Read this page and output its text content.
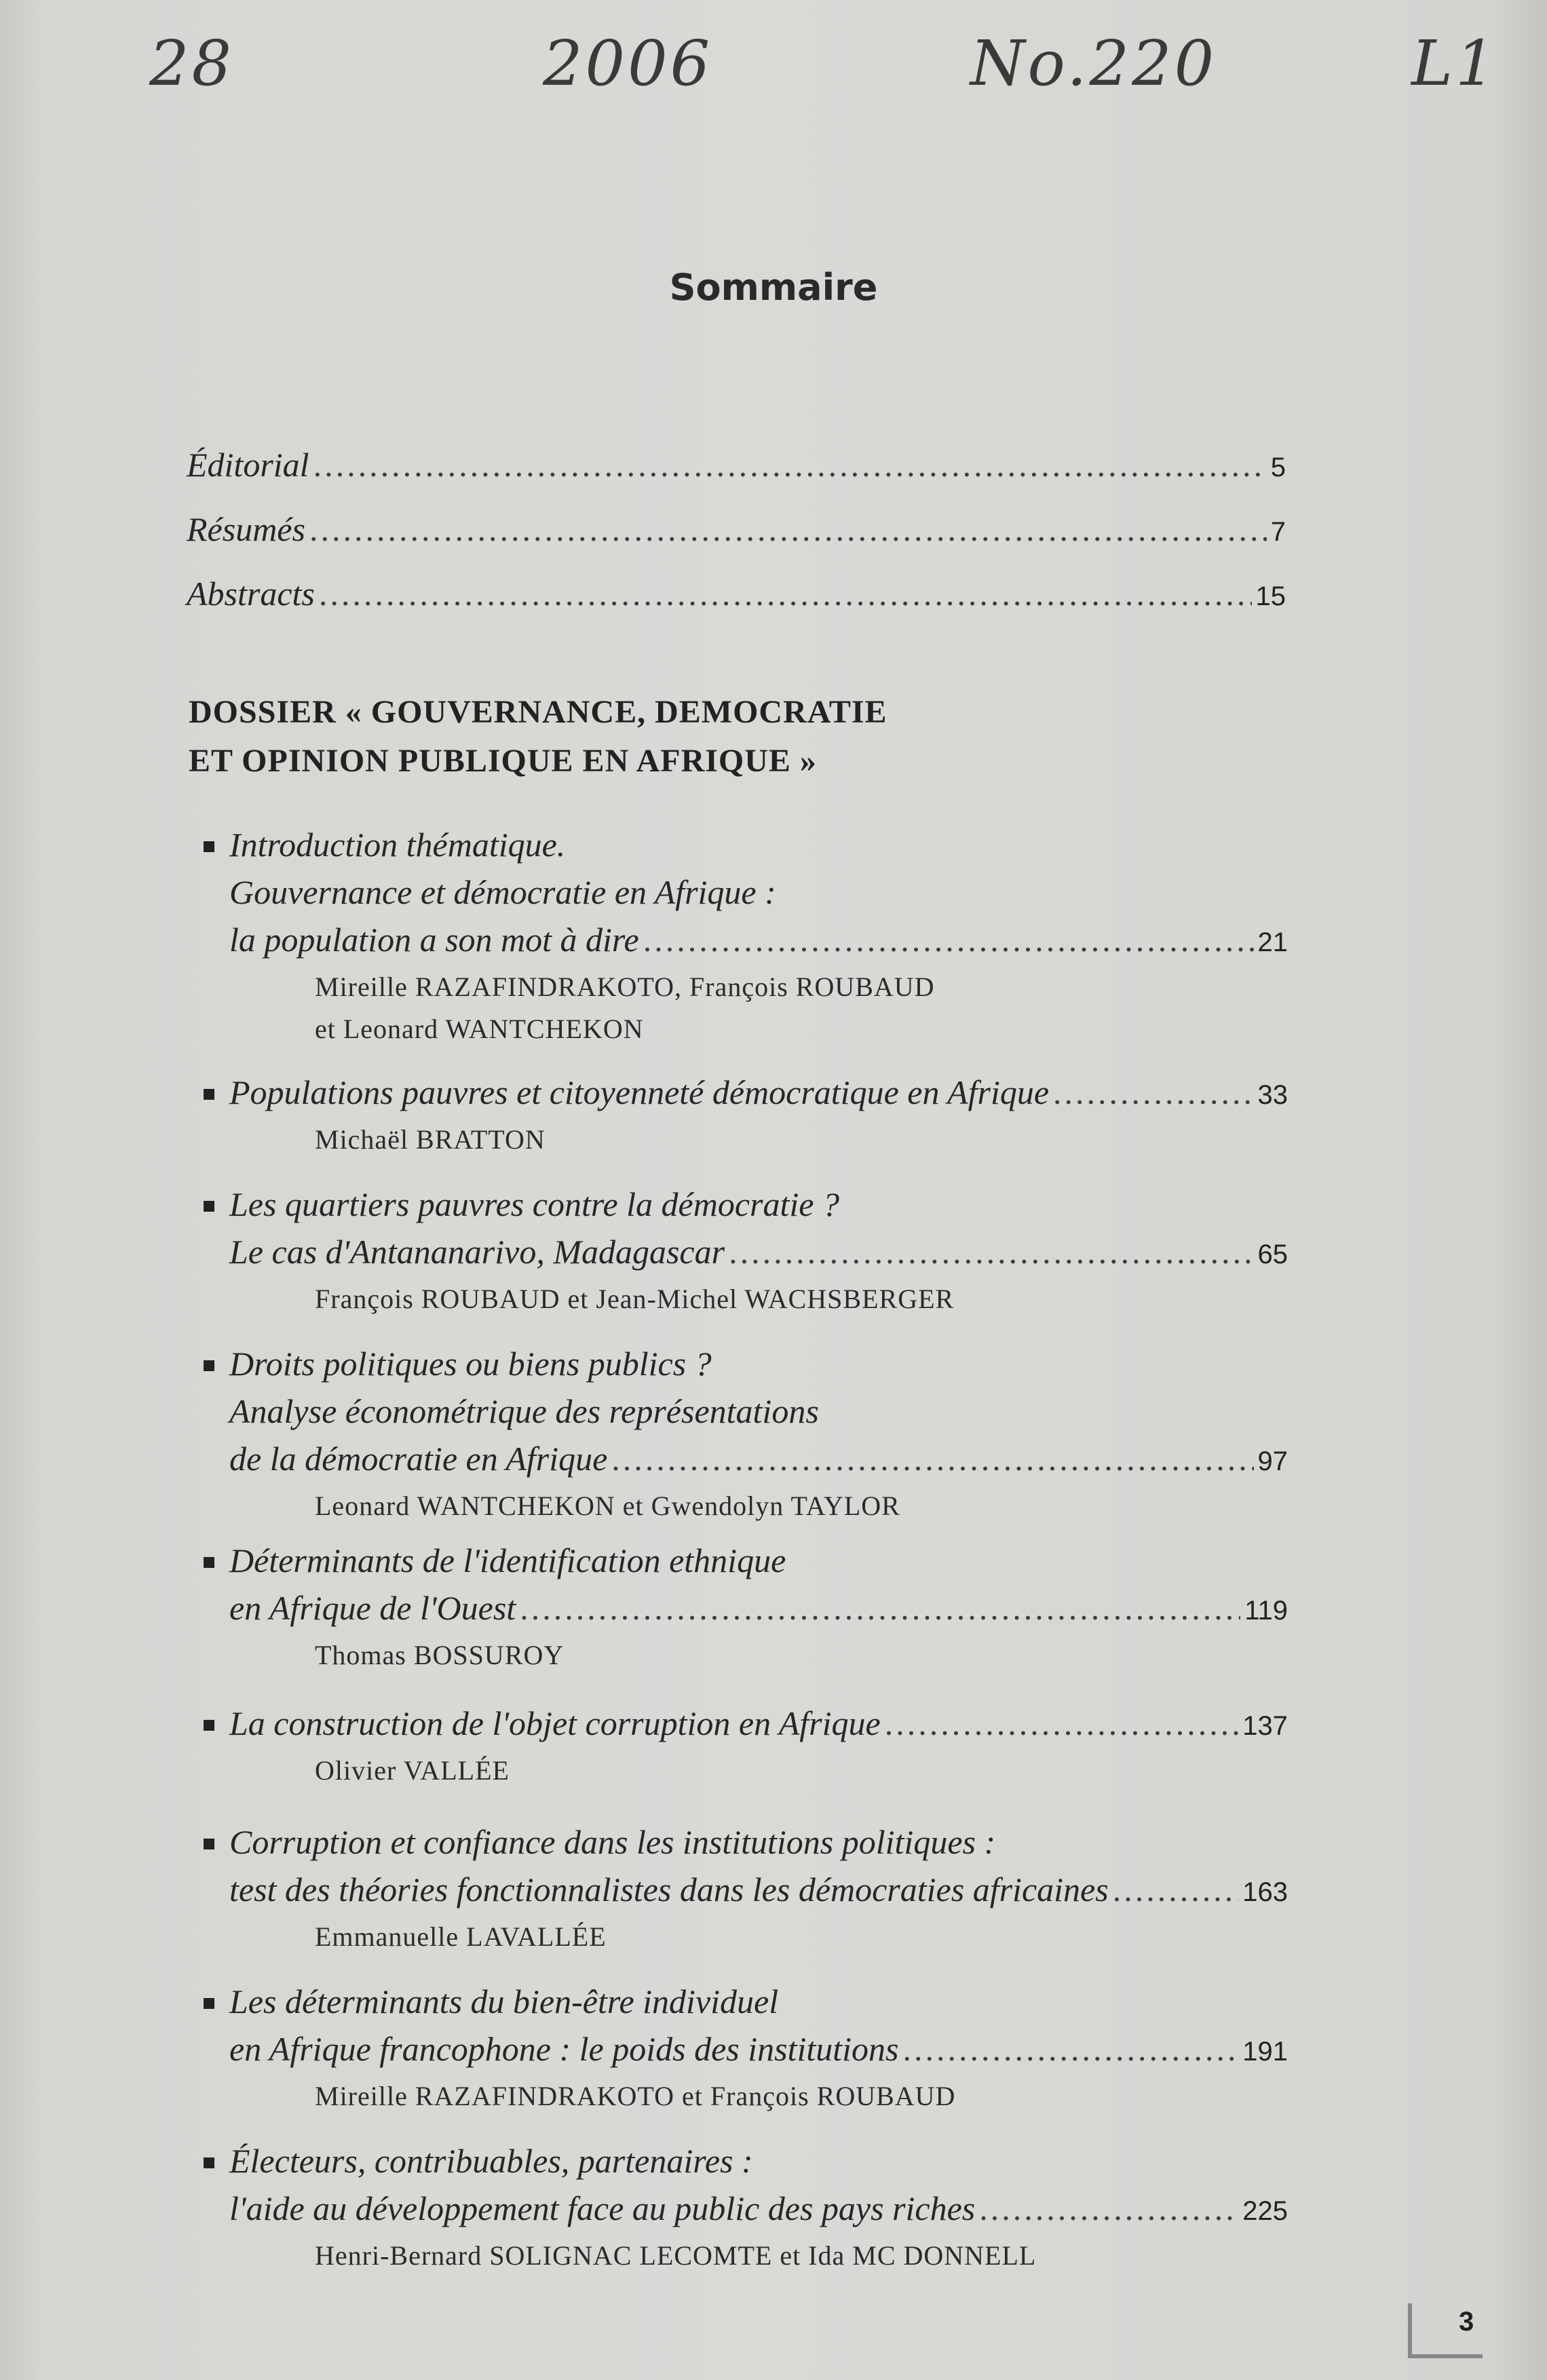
28	2006	No.220	L1
Sommaire
Éditorial .....	5
Résumés .....	7
Abstracts .....	15
DOSSIER « GOUVERNANCE, DEMOCRATIE
ET OPINION PUBLIQUE EN AFRIQUE »
Introduction thématique.
Gouvernance et démocratie en Afrique :
la population a son mot à dire .....	21
Mireille RAZAFINDRAKOTO, François ROUBAUD
et Leonard WANTCHEKON
Populations pauvres et citoyenneté démocratique en Afrique .....	33
Michaël BRATTON
Les quartiers pauvres contre la démocratie ?
Le cas d'Antananarivo, Madagascar .....	65
François ROUBAUD et Jean-Michel WACHSBERGER
Droits politiques ou biens publics ?
Analyse économétrique des représentations
de la démocratie en Afrique .....	97
Leonard WANTCHEKON et Gwendolyn TAYLOR
Déterminants de l'identification ethnique
en Afrique de l'Ouest .....	119
Thomas BOSSUROY
La construction de l'objet corruption en Afrique .....	137
Olivier VALLÉE
Corruption et confiance dans les institutions politiques :
test des théories fonctionnalistes dans les démocraties africaines .....	163
Emmanuelle LAVALLÉE
Les déterminants du bien-être individuel
en Afrique francophone : le poids des institutions .....	191
Mireille RAZAFINDRAKOTO et François ROUBAUD
Électeurs, contribuables, partenaires :
l'aide au développement face au public des pays riches .....	225
Henri-Bernard SOLIGNAC LECOMTE et Ida MC DONNELL
3
